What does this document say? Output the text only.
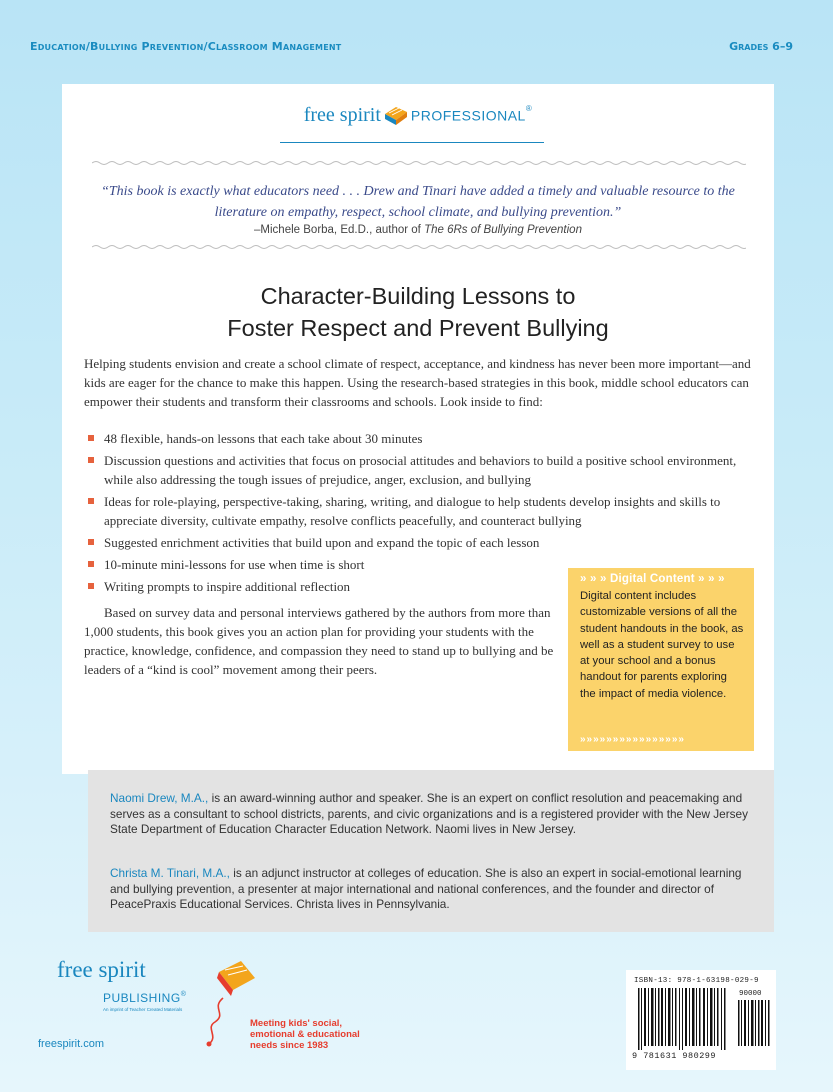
Education/Bullying Prevention/Classroom Management	Grades 6–9
free spirit PROFESSIONAL®
“This book is exactly what educators need . . . Drew and Tinari have added a timely and valuable resource to the literature on empathy, respect, school climate, and bullying prevention.”
–Michele Borba, Ed.D., author of The 6Rs of Bullying Prevention
Character-Building Lessons to
Foster Respect and Prevent Bullying
Helping students envision and create a school climate of respect, acceptance, and kindness has never been more important—and kids are eager for the chance to make this happen. Using the research-based strategies in this book, middle school educators can empower their students and transform their classrooms and schools. Look inside to find:
48 flexible, hands-on lessons that each take about 30 minutes
Discussion questions and activities that focus on prosocial attitudes and behaviors to build a positive school environment, while also addressing the tough issues of prejudice, anger, exclusion, and bullying
Ideas for role-playing, perspective-taking, sharing, writing, and dialogue to help students develop insights and skills to appreciate diversity, cultivate empathy, resolve conflicts peacefully, and counteract bullying
Suggested enrichment activities that build upon and expand the topic of each lesson
10-minute mini-lessons for use when time is short
Writing prompts to inspire additional reflection
Based on survey data and personal interviews gathered by the authors from more than 1,000 students, this book gives you an action plan for providing your students with the practice, knowledge, confidence, and compassion they need to stand up to bullying and be leaders of a “kind is cool” movement among their peers.
» » » Digital Content » » »
Digital content includes customizable versions of all the student handouts in the book, as well as a student survey to use at your school and a bonus handout for parents exploring the impact of media violence.
»»»»»»»»»»»»»»»»

Naomi Drew, M.A., is an award-winning author and speaker. She is an expert on conflict resolution and peacemaking and serves as a consultant to school districts, parents, and civic organizations and is a registered provider with the New Jersey State Department of Education Character Education Network. Naomi lives in New Jersey.

Christa M. Tinari, M.A., is an adjunct instructor at colleges of education. She is also an expert in social-emotional learning and bullying prevention, a presenter at major international and national conferences, and the founder and director of PeacePraxis Educational Services. Christa lives in Pennsylvania.

free spirit
PUBLISHING®
An imprint of Teacher Created Materials
Meeting kids' social, emotional & educational needs since 1983
freespirit.com
ISBN-13: 978-1-63198-029-9
90000
9 781631 980299
